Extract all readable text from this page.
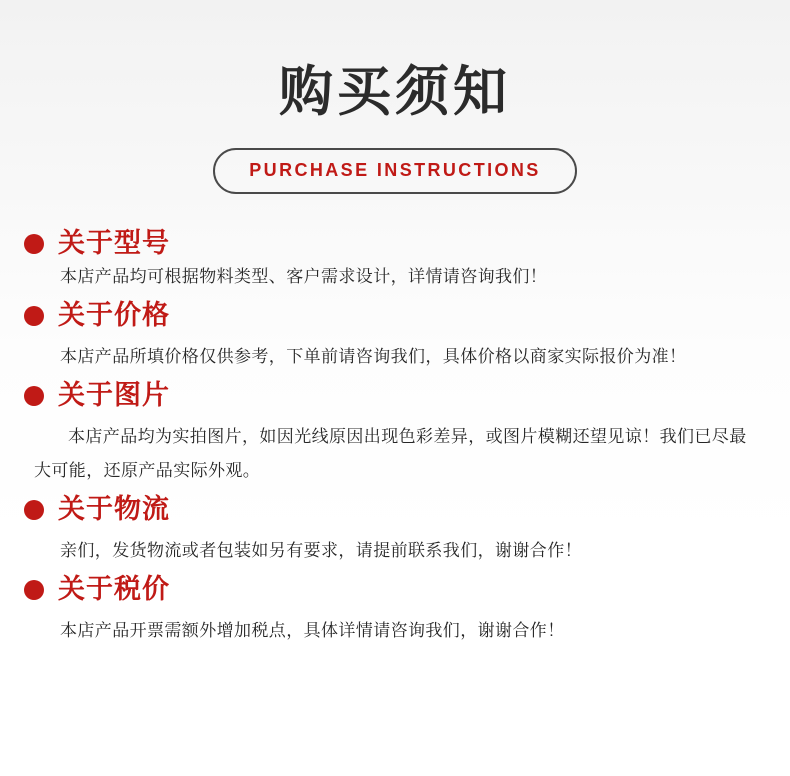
购买须知
PURCHASE INSTRUCTIONS
关于型号
本店产品均可根据物料类型、客户需求设计，详情请咨询我们！
关于价格
本店产品所填价格仅供参考，下单前请咨询我们，具体价格以商家实际报价为准！
关于图片
本店产品均为实拍图片，如因光线原因出现色彩差异，或图片模糊还望见谅！我们已尽最大可能，还原产品实际外观。
关于物流
亲们，发货物流或者包装如另有要求，请提前联系我们，谢谢合作！
关于税价
本店产品开票需额外增加税点，具体详情请咨询我们，谢谢合作！
